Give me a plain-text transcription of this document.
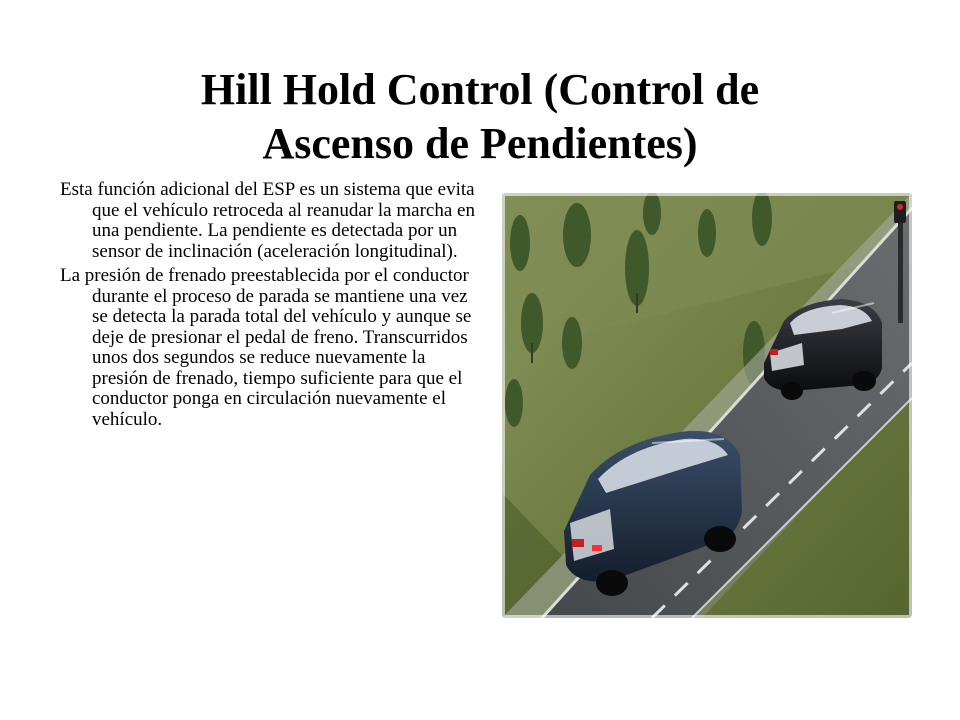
Hill Hold Control (Control de
Ascenso de Pendientes)

Esta función adicional del ESP es un sistema que evita que el vehículo retroceda al reanudar la marcha en una pendiente. La pendiente es detectada por un sensor de inclinación (aceleración longitudinal).

La presión de frenado preestablecida por el conductor durante el proceso de parada se mantiene una vez se detecta la parada total del vehículo y aunque se deje de presionar el pedal de freno. Transcurridos unos dos segundos se reduce nuevamente la presión de frenado, tiempo suficiente para que el conductor ponga en circulación nuevamente el vehículo.
